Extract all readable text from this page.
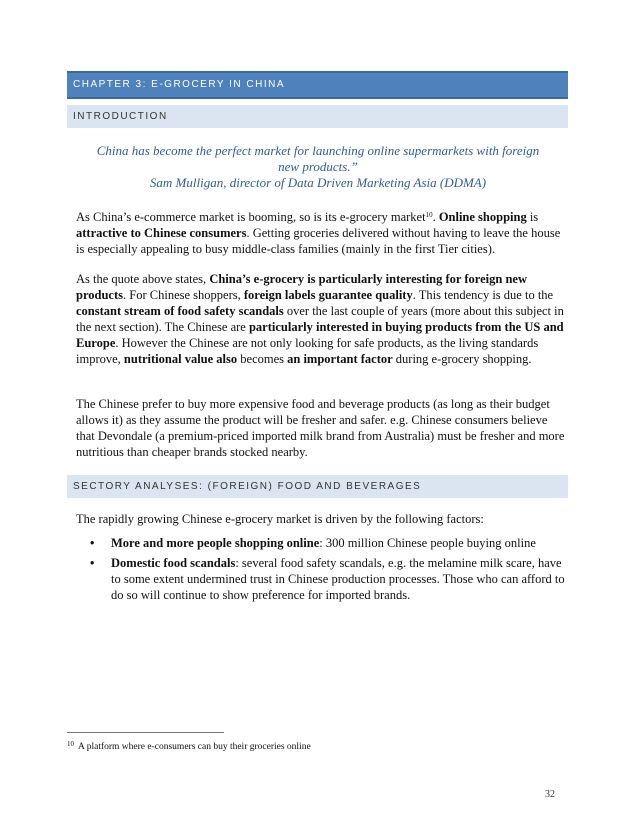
CHAPTER 3: E-GROCERY IN CHINA
INTRODUCTION
China has become the perfect market for launching online supermarkets with foreign
new products.”
Sam Mulligan, director of Data Driven Marketing Asia (DDMA)

As China’s e-commerce market is booming, so is its e-grocery market$^{10}$. Online shopping is attractive to Chinese consumers. Getting groceries delivered without having to leave the house is especially appealing to busy middle-class families (mainly in the first Tier cities).

As the quote above states, China’s e-grocery is particularly interesting for foreign new products. For Chinese shoppers, foreign labels guarantee quality. This tendency is due to the constant stream of food safety scandals over the last couple of years (more about this subject in the next section). The Chinese are particularly interested in buying products from the US and Europe. However the Chinese are not only looking for safe products, as the living standards improve, nutritional value also becomes an important factor during e-grocery shopping.

The Chinese prefer to buy more expensive food and beverage products (as long as their budget allows it) as they assume the product will be fresher and safer. e.g. Chinese consumers believe that Devondale (a premium-priced imported milk brand from Australia) must be fresher and more nutritious than cheaper brands stocked nearby.

SECTORY ANALYSES: (FOREIGN) FOOD AND BEVERAGES

The rapidly growing Chinese e-grocery market is driven by the following factors:

• More and more people shopping online: 300 million Chinese people buying online
• Domestic food scandals: several food safety scandals, e.g. the melamine milk scare, have to some extent undermined trust in Chinese production processes. Those who can afford to do so will continue to show preference for imported brands.
$^{10}$ A platform where e-consumers can buy their groceries online
32
